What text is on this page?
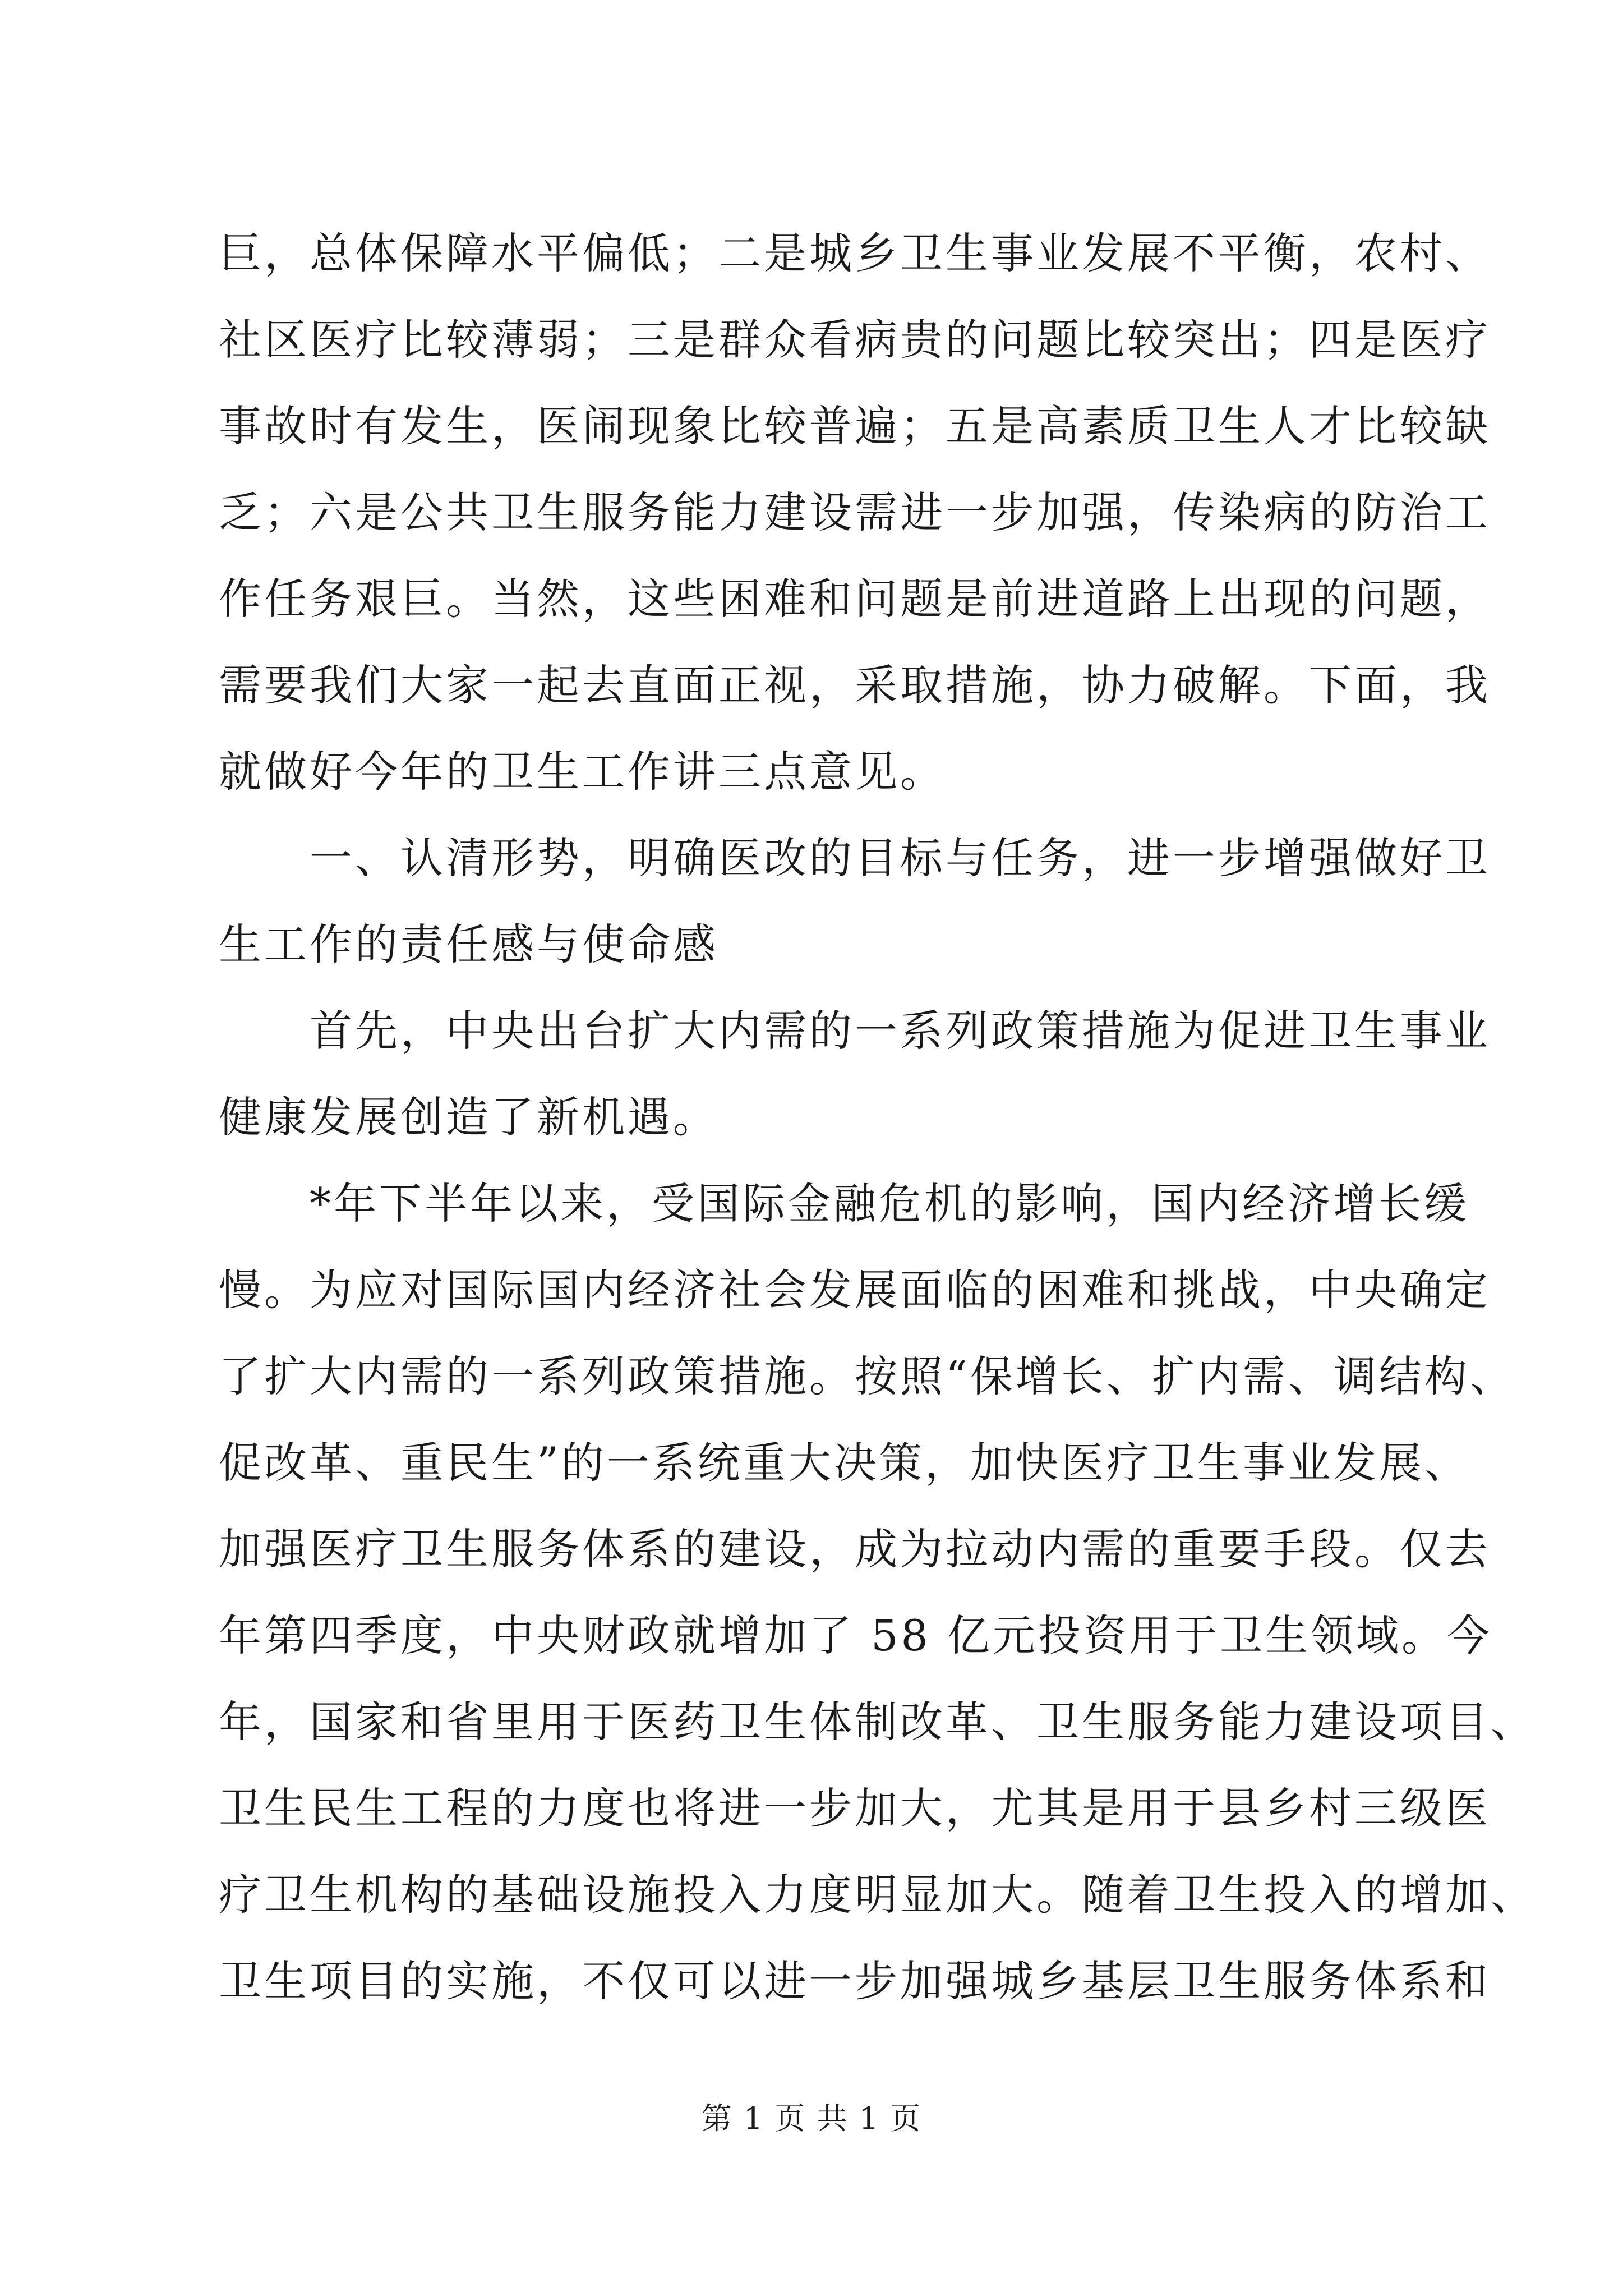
巨，总体保障水平偏低；二是城乡卫生事业发展不平衡，农村、
社区医疗比较薄弱；三是群众看病贵的问题比较突出；四是医疗
事故时有发生，医闹现象比较普遍；五是高素质卫生人才比较缺
乏；六是公共卫生服务能力建设需进一步加强，传染病的防治工
作任务艰巨。当然，这些困难和问题是前进道路上出现的问题，
需要我们大家一起去直面正视，采取措施，协力破解。下面，我
就做好今年的卫生工作讲三点意见。
　　一、认清形势，明确医改的目标与任务，进一步增强做好卫
生工作的责任感与使命感
　　首先，中央出台扩大内需的一系列政策措施为促进卫生事业
健康发展创造了新机遇。
　　*年下半年以来，受国际金融危机的影响，国内经济增长缓
慢。为应对国际国内经济社会发展面临的困难和挑战，中央确定
了扩大内需的一系列政策措施。按照“保增长、扩内需、调结构、
促改革、重民生”的一系统重大决策，加快医疗卫生事业发展、
加强医疗卫生服务体系的建设，成为拉动内需的重要手段。仅去
年第四季度，中央财政就增加了 58 亿元投资用于卫生领域。今
年，国家和省里用于医药卫生体制改革、卫生服务能力建设项目、
卫生民生工程的力度也将进一步加大，尤其是用于县乡村三级医
疗卫生机构的基础设施投入力度明显加大。随着卫生投入的增加、
卫生项目的实施，不仅可以进一步加强城乡基层卫生服务体系和
第 1 页 共 1 页
